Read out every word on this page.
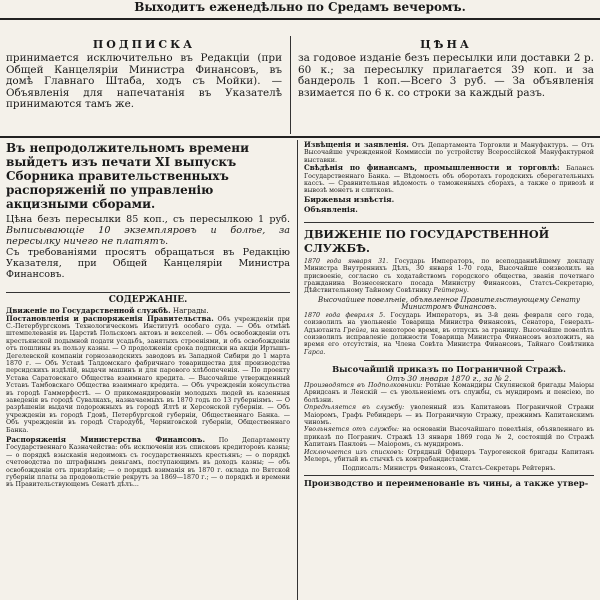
Выходитъ еженедѣльно по Средамъ вечеромъ.
ПОДПИСКА

принимается исключительно въ Редакціи (при Общей Канцеляріи Министра Финансовъ, въ домѣ Главнаго Штаба, ходъ съ Мойки). — Объявленія для напечатанія въ Указателѣ принимаются тамъ же.

ЦѢНА

за годовое изданіе безъ пересылки или доставки 2 р. 60 к.; за пересылку прилагается 39 коп. и за бандероль 1 коп.—Всего 3 руб. — За объявленія взимается по 6 к. со строки за каждый разъ.

Въ непродолжительномъ времени выйдетъ изъ печати XI выпускъ Сборника правительственныхъ распоряженій по управленію акцизными сборами.

Цѣна безъ пересылки 85 коп., съ пересылкою 1 руб. Выписывающіе 10 экземпляровъ и болѣе, за пересылку ничего не платятъ.

Съ требованіями просятъ обращаться въ Редакцію Указателя, при Общей Канцеляріи Министра Финансовъ.

СОДЕРЖАНІЕ.

Движеніе по Государственной службѣ. Награды.

Постановленія и распоряженія Правительства. Объ учрежденіи при С.-Петербургскомъ Технологическомъ Институтѣ особаго суда. — Объ отмѣнѣ штемпелеванія въ Царствѣ Польскомъ актовъ и векселей. — Объ освобожденіи отъ крестьянской подымной подати усадьбъ, занятыхъ строеніями, и объ освобожденіи отъ пошлины въ пользу казны. — О продолженіи срока подписки на акціи Иртышъ-Дегелевской компаніи горнозаводскихъ заводовъ въ Западной Сибири до 1 марта 1870 г. — Объ Уставѣ Талдомскаго фабричнаго товарищества для производства персидскихъ издѣлій, выдачи машинъ и для парового хлѣбопеченія. — По проекту Устава Саратовскаго Общества взаимнаго кредита. — Высочайше утвержденный Уставъ Тамбовскаго Общества взаимнаго кредита. — Объ учрежденіи консульства въ городѣ Гаммерфестѣ. — О прикомандированіи молодыхъ людей въ казенныя заведенія въ городѣ Сувалкахъ, назначаемыхъ въ 1870 годъ по 13 губерніямъ. — О разрѣшеніи выдачи подорожныхъ въ городѣ Ялтѣ и Херсонской губерніи. — Объ учрежденіи въ городѣ Гдовѣ, Петербургской губерніи, Общественнаго Банка. — Объ учрежденіи въ городѣ Стародубѣ, Черниговской губерніи, Общественнаго Банка.

Распоряженія Министерства Финансовъ. По Департаменту Государственнаго Казначейства: объ исключеніи изъ списковъ кредиторовъ казны; — о порядкѣ взысканія недоимокъ съ государственныхъ крестьянъ; — о порядкѣ счетоводства по штрафнымъ деньгамъ, поступающимъ въ доходъ казны; — объ освобожденіи отъ призрѣнія; — о порядкѣ взиманія въ 1870 г. оклада по Вятской губерніи платы за продовольствіе рекрутъ за 1869—1870 г.; — о порядкѣ и времени въ Правительствующемъ Сенатѣ дѣлъ...

Извѣщенія и заявленія. Отъ Департамента Торговли и Мануфактуръ. — Отъ Высочайше учрежденной Коммиссіи по устройству Всероссійской Мануфактурной выставки.

Свѣдѣнія по финансамъ, промышленности и торговлѣ: Балансъ Государственнаго Банка. — Вѣдомость объ оборотахъ городскихъ сберегательныхъ кассъ. — Сравнительная вѣдомость о таможенныхъ сборахъ, а также о привозѣ и вывозѣ монетъ и слитковъ.

Биржевыя извѣстія.

Объявленія.

ДВИЖЕНІЕ ПО ГОСУДАРСТВЕННОЙ СЛУЖБѢ.

1870 года января 31. Государь Императоръ, по всеподданнѣйшему докладу Министра Внутреннихъ Дѣлъ, 30 января 1-70 года, Высочайше соизволилъ на присвоеніе, согласно съ ходатайствомъ городского общества, званія почетнаго гражданина Вознесенскаго посада Министру Финансовъ, Статсъ-Секретарю, Дѣйствительному Тайному Совѣтнику Рейтерну.

Высочайшее повелѣніе, объявленное Правительствующему Сенату Министромъ Финансовъ.

1870 года февраля 5. Государь Императоръ, въ 3-й день февраля сего года, соизволилъ на увольненіе Товарища Министра Финансовъ, Сенатора, Генералъ-Адъютанта Грейга, на некоторое время, въ отпускъ за границу. Высочайше повелѣть соизволилъ исправленіе должности Товарища Министра Финансовъ возложить, на время его отсутствія, на Члена Совѣта Министра Финансовъ, Тайнаго Совѣтника Гарса.

Высочайшій приказъ по Пограничной Стражѣ.

Отъ 30 января 1870 г., за № 2.

Производятся въ Подполковники: Ротные Командиры Скулянской бригады Маіоры Арвидсанъ и Ленскій — съ увольненіемъ отъ службы, съ мундиромъ и пенсіею, по болѣзни.

Опредѣляется въ службу: уволенный изъ Капитановъ Пограничной Стражи Маіоромъ, Графъ Ребиндеръ — въ Пограничную Стражу, прежнимъ Капитанскимъ чиномъ.

Увольняется отъ службы: на основаніи Высочайшаго повелѣнія, объявленнаго въ приказѣ по Погранич. Стражѣ 13 января 1869 года № 2, состоящій по Стражѣ Капитанъ Панловъ — Маіоромъ, съ мундиромъ.

Исключается изъ списковъ: Отрядный Офицеръ Таурогенской бригады Капитанъ Мелеръ, убитый въ стычкѣ съ контрабандистами.

Подписалъ: Министръ Финансовъ, Статсъ-Секретарь Рейтернъ.

Производство и переименованіе въ чины, а также утвер-
